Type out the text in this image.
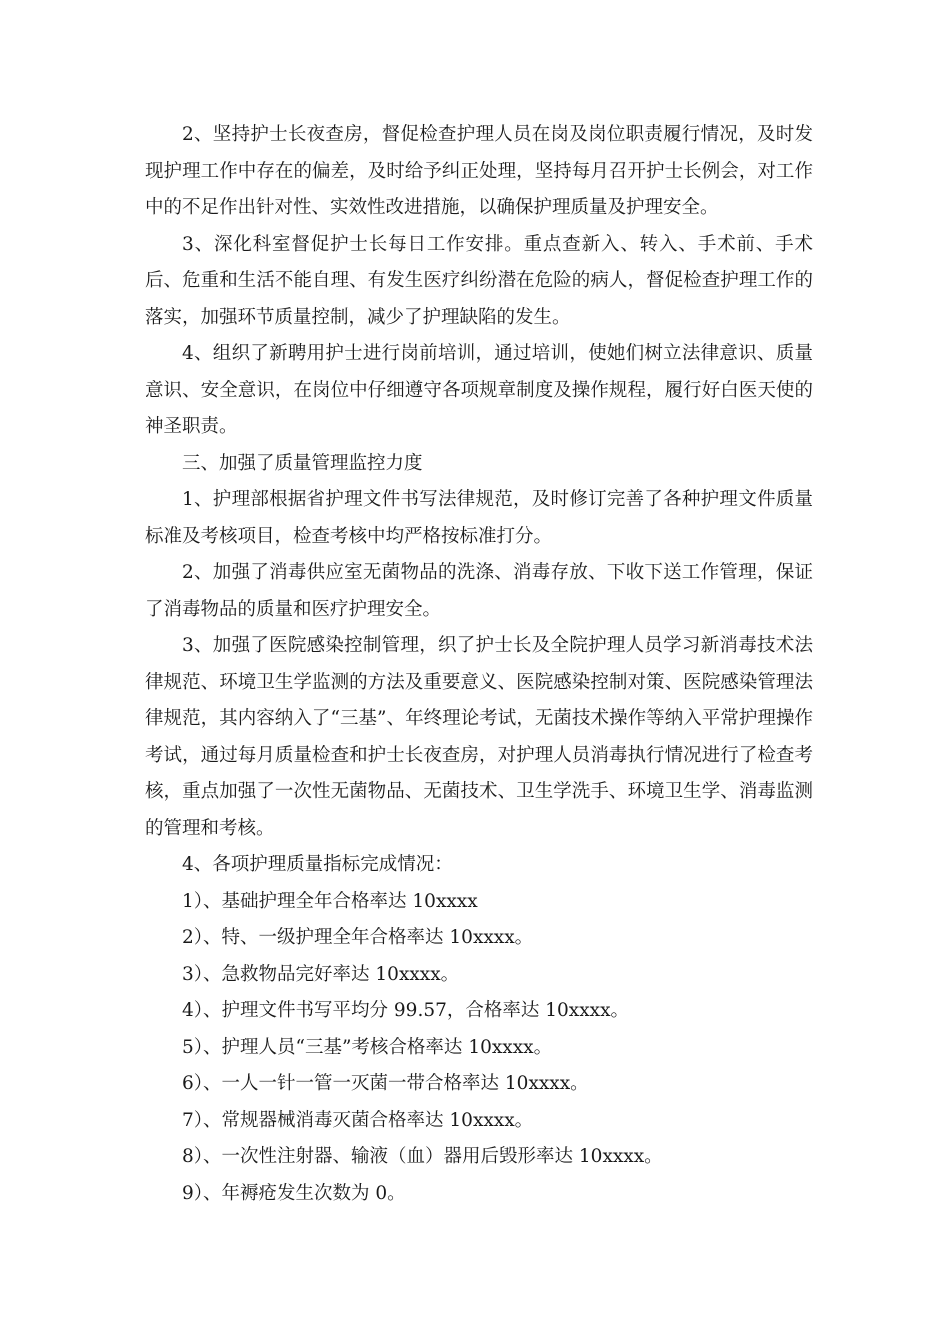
2、坚持护士长夜查房，督促检查护理人员在岗及岗位职责履行情况，及时发现护理工作中存在的偏差，及时给予纠正处理，坚持每月召开护士长例会，对工作中的不足作出针对性、实效性改进措施，以确保护理质量及护理安全。

3、深化科室督促护士长每日工作安排。重点查新入、转入、手术前、手术后、危重和生活不能自理、有发生医疗纠纷潜在危险的病人，督促检查护理工作的落实，加强环节质量控制，减少了护理缺陷的发生。

4、组织了新聘用护士进行岗前培训，通过培训，使她们树立法律意识、质量意识、安全意识，在岗位中仔细遵守各项规章制度及操作规程，履行好白医天使的神圣职责。

三、加强了质量管理监控力度

1、护理部根据省护理文件书写法律规范，及时修订完善了各种护理文件质量标准及考核项目，检查考核中均严格按标准打分。

2、加强了消毒供应室无菌物品的洗涤、消毒存放、下收下送工作管理，保证了消毒物品的质量和医疗护理安全。

3、加强了医院感染控制管理，织了护士长及全院护理人员学习新消毒技术法律规范、环境卫生学监测的方法及重要意义、医院感染控制对策、医院感染管理法律规范，其内容纳入了“三基”、年终理论考试，无菌技术操作等纳入平常护理操作考试，通过每月质量检查和护士长夜查房，对护理人员消毒执行情况进行了检查考核，重点加强了一次性无菌物品、无菌技术、卫生学洗手、环境卫生学、消毒监测的管理和考核。

4、各项护理质量指标完成情况：

1）、基础护理全年合格率达 10xxxx

2）、特、一级护理全年合格率达 10xxxx。

3）、急救物品完好率达 10xxxx。

4）、护理文件书写平均分 99.57，合格率达 10xxxx。

5）、护理人员“三基”考核合格率达 10xxxx。

6）、一人一针一管一灭菌一带合格率达 10xxxx。

7）、常规器械消毒灭菌合格率达 10xxxx。

8）、一次性注射器、输液（血）器用后毁形率达 10xxxx。

9）、年褥疮发生次数为 0。
